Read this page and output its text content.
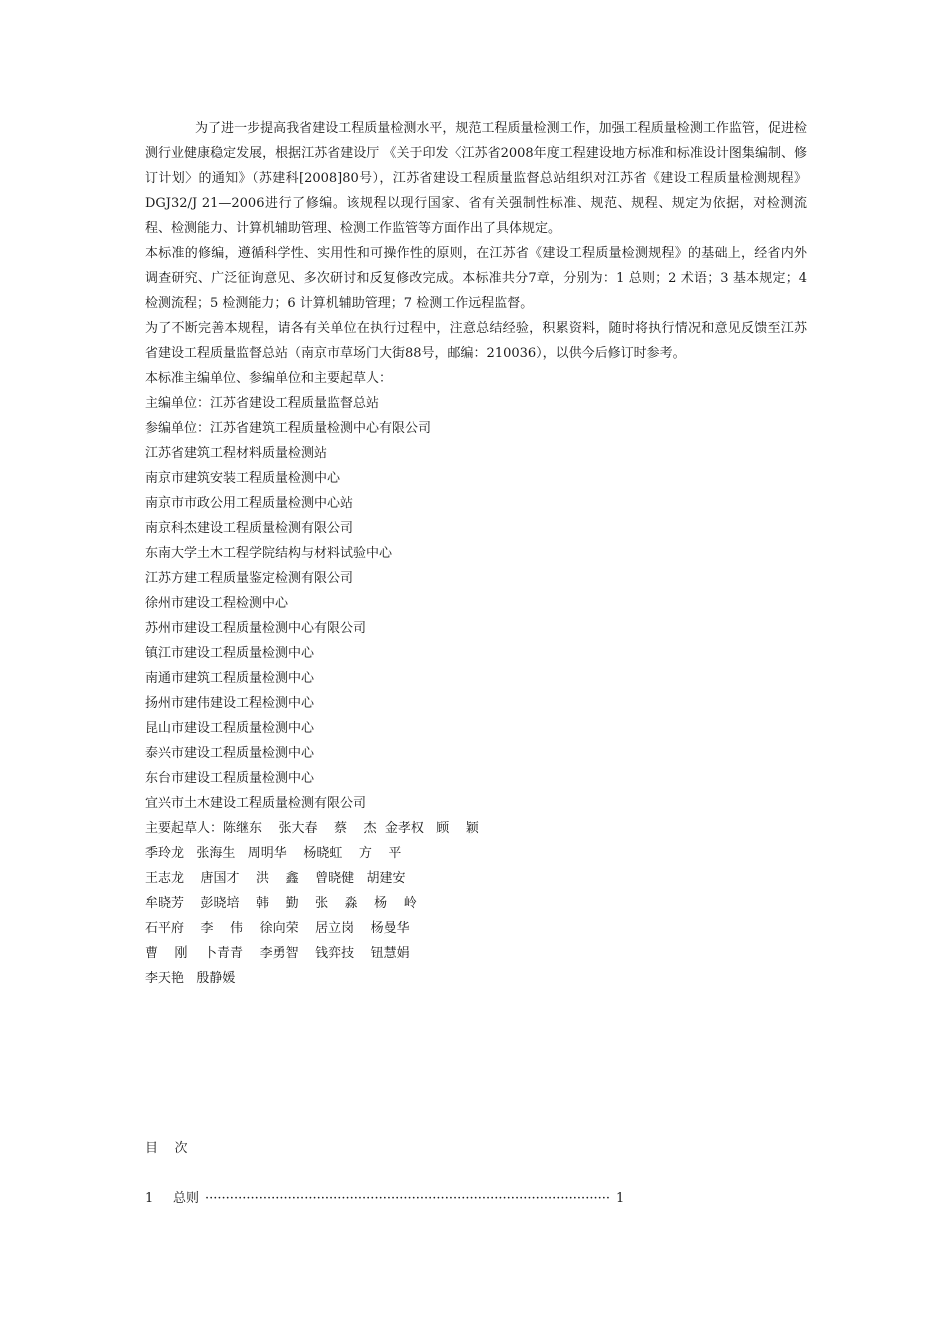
为了进一步提高我省建设工程质量检测水平，规范工程质量检测工作，加强工程质量检测工作监管，促进检测行业健康稳定发展，根据江苏省建设厅 《关于印发〈江苏省2008年度工程建设地方标准和标准设计图集编制、修订计划〉的通知》（苏建科[2008]80号），江苏省建设工程质量监督总站组织对江苏省《建设工程质量检测规程》DGJ32/J 21—2006进行了修编。该规程以现行国家、省有关强制性标准、规范、规程、规定为依据，对检测流程、检测能力、计算机辅助管理、检测工作监管等方面作出了具体规定。

本标准的修编，遵循科学性、实用性和可操作性的原则，在江苏省《建设工程质量检测规程》的基础上，经省内外调查研究、广泛征询意见、多次研讨和反复修改完成。本标准共分7章，分别为：1 总则；2 术语；3 基本规定；4 检测流程；5 检测能力；6 计算机辅助管理；7 检测工作远程监督。

为了不断完善本规程，请各有关单位在执行过程中，注意总结经验，积累资料，随时将执行情况和意见反馈至江苏省建设工程质量监督总站（南京市草场门大街88号，邮编：210036），以供今后修订时参考。

本标准主编单位、参编单位和主要起草人：

主编单位：江苏省建设工程质量监督总站
参编单位：江苏省建筑工程质量检测中心有限公司
江苏省建筑工程材料质量检测站
南京市建筑安装工程质量检测中心
南京市市政公用工程质量检测中心站
南京科杰建设工程质量检测有限公司
东南大学土木工程学院结构与材料试验中心
江苏方建工程质量鉴定检测有限公司
徐州市建设工程检测中心
苏州市建设工程质量检测中心有限公司
镇江市建设工程质量检测中心
南通市建筑工程质量检测中心
扬州市建伟建设工程检测中心
昆山市建设工程质量检测中心
泰兴市建设工程质量检测中心
东台市建设工程质量检测中心
宜兴市土木建设工程质量检测有限公司
主要起草人：陈继东    张大春    蔡    杰  金孝权   顾    颖
季玲龙   张海生   周明华    杨晓虹    方    平
王志龙    唐国才    洪    鑫    曾晓健   胡建安
牟晓芳    彭晓培    韩    勤    张    淼    杨    岭
石平府    李    伟    徐向荣    居立岗    杨曼华
曹    刚    卜青青    李勇智    钱弈技    钮慧娟
李天艳   殷静媛
目    次
1	总则 ·································································································· 1
